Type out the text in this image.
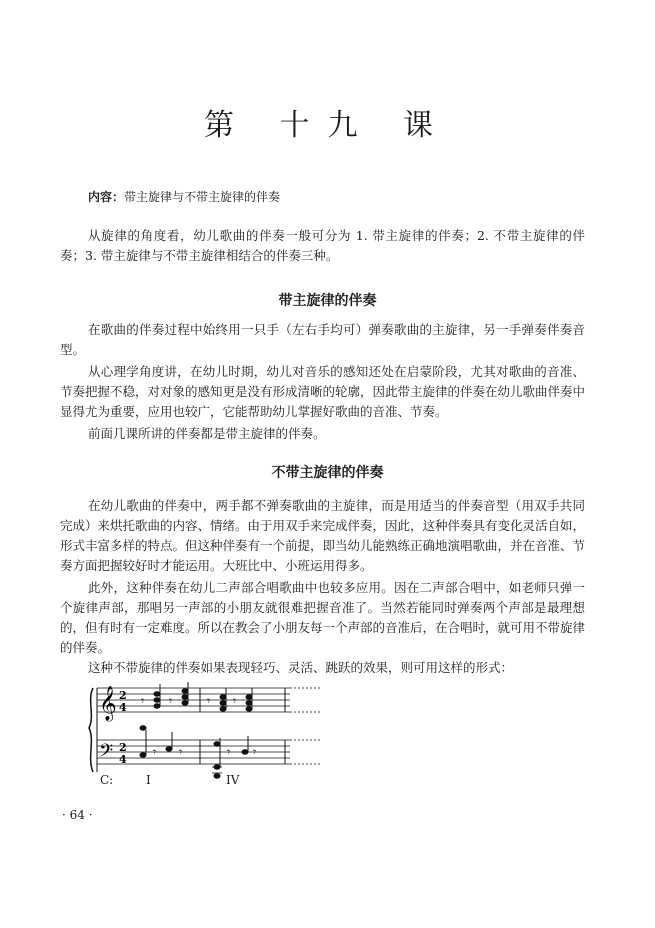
第 十九 课
内容：带主旋律与不带主旋律的伴奏
从旋律的角度看，幼儿歌曲的伴奏一般可分为 1. 带主旋律的伴奏；2. 不带主旋律的伴奏；3. 带主旋律与不带主旋律相结合的伴奏三种。
带主旋律的伴奏
在歌曲的伴奏过程中始终用一只手（左右手均可）弹奏歌曲的主旋律，另一手弹奏伴奏音型。
从心理学角度讲，在幼儿时期，幼儿对音乐的感知还处在启蒙阶段，尤其对歌曲的音准、节奏把握不稳，对对象的感知更是没有形成清晰的轮廓，因此带主旋律的伴奏在幼儿歌曲伴奏中显得尤为重要，应用也较广，它能帮助幼儿掌握好歌曲的音准、节奏。
前面几课所讲的伴奏都是带主旋律的伴奏。
不带主旋律的伴奏
在幼儿歌曲的伴奏中，两手都不弹奏歌曲的主旋律，而是用适当的伴奏音型（用双手共同完成）来烘托歌曲的内容、情绪。由于用双手来完成伴奏，因此，这种伴奏具有变化灵活自如，形式丰富多样的特点。但这种伴奏有一个前提，即当幼儿能熟练正确地演唱歌曲，并在音准、节奏方面把握较好时才能运用。大班比中、小班运用得多。
此外，这种伴奏在幼儿二声部合唱歌曲中也较多应用。因在二声部合唱中，如老师只弹一个旋律声部，那唱另一声部的小朋友就很难把握音准了。当然若能同时弹奏两个声部是最理想的，但有时有一定难度。所以在教会了小朋友每一个声部的音准后，在合唱时，就可用不带旋律的伴奏。
这种不带旋律的伴奏如果表现轻巧、灵活、跳跃的效果，则可用这样的形式：
𝄞
𝄢
2
4
2
4
𝄾 𝄾	𝄾 𝄾
𝄾 𝄾	𝄾 𝄾
C:	I	IV
· 64 ·
